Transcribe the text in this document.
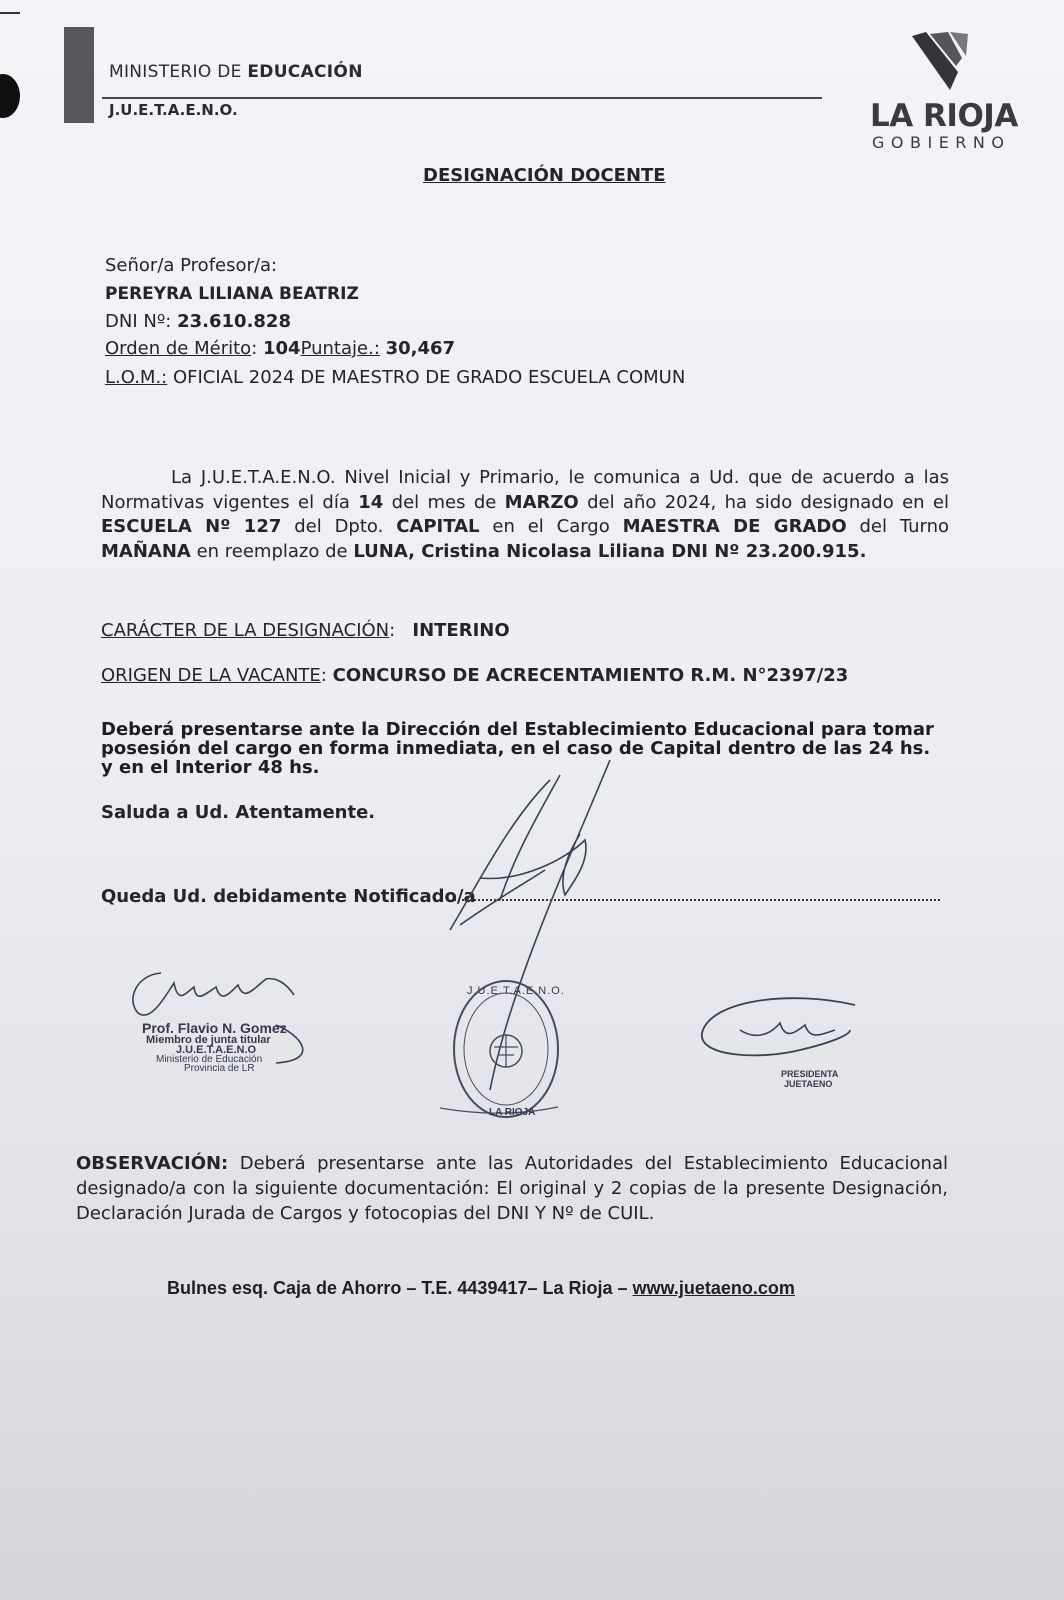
MINISTERIO DE EDUCACIÓN
J.U.E.T.A.E.N.O.	LA RIOJA
GOBIERNO
DESIGNACIÓN DOCENTE
Señor/a Profesor/a:
PEREYRA LILIANA BEATRIZ
DNI Nº: 23.610.828
Orden de Mérito: 104Puntaje.: 30,467
L.O.M.: OFICIAL 2024 DE MAESTRO DE GRADO ESCUELA COMUN
La J.U.E.T.A.E.N.O. Nivel Inicial y Primario, le comunica a Ud. que de acuerdo a las Normativas vigentes el día 14 del mes de MARZO del año 2024, ha sido designado en el ESCUELA Nº 127 del Dpto. CAPITAL en el Cargo MAESTRA DE GRADO del Turno MAÑANA en reemplazo de LUNA, Cristina Nicolasa Liliana DNI Nº 23.200.915.
CARÁCTER DE LA DESIGNACIÓN: INTERINO
ORIGEN DE LA VACANTE: CONCURSO DE ACRECENTAMIENTO R.M. N°2397/23
Deberá presentarse ante la Dirección del Establecimiento Educacional para tomar posesión del cargo en forma inmediata, en el caso de Capital dentro de las 24 hs. y en el Interior 48 hs.
Saluda a Ud. Atentamente.
Queda Ud. debidamente Notificado/a
Prof. Flavio N. Gomez
Miembro de junta titular
J.U.E.T.A.E.N.O
Ministerio de Educación
Provincia de LR
J.U.E.T.A.E.N.O.
LA RIOJA
PRESIDENTA
JUETAENO
OBSERVACIÓN: Deberá presentarse ante las Autoridades del Establecimiento Educacional designado/a con la siguiente documentación: El original y 2 copias de la presente Designación, Declaración Jurada de Cargos y fotocopias del DNI Y Nº de CUIL.
Bulnes esq. Caja de Ahorro – T.E. 4439417– La Rioja – www.juetaeno.com
